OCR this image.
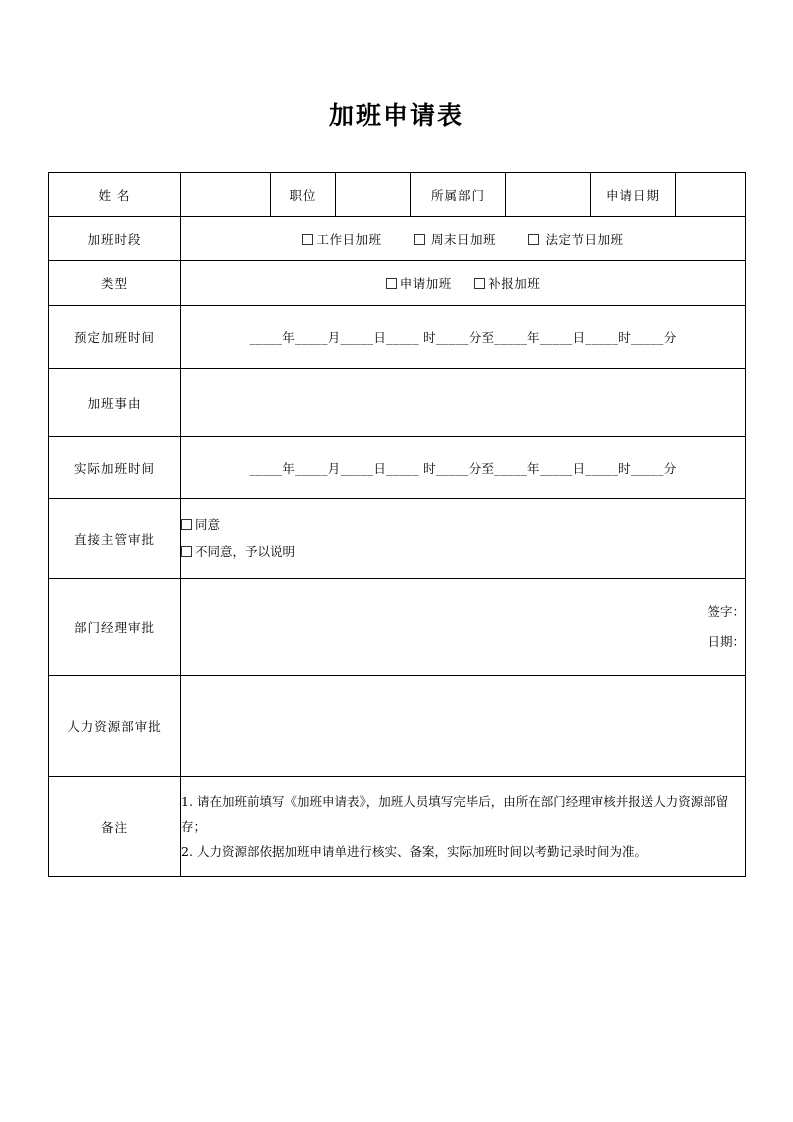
加班申请表
姓 名		职位		所属部门		申请日期	
加班时段	工作日加班 周末日加班 法定节日加班						
类型	申请加班 补报加班						
预定加班时间	_____年_____月_____日_____ 时_____分至_____年_____日_____时_____分						
加班事由							
实际加班时间	_____年_____月_____日_____ 时_____分至_____年_____日_____时_____分						
直接主管审批	同意
不同意，予以说明						

部门经理审批	签字：
日期：						

人力资源部审批							
备注	1. 请在加班前填写《加班申请表》，加班人员填写完毕后，由所在部门经理审核并报送人力资源部留存；
2. 人力资源部依据加班申请单进行核实、备案，实际加班时间以考勤记录时间为准。						
